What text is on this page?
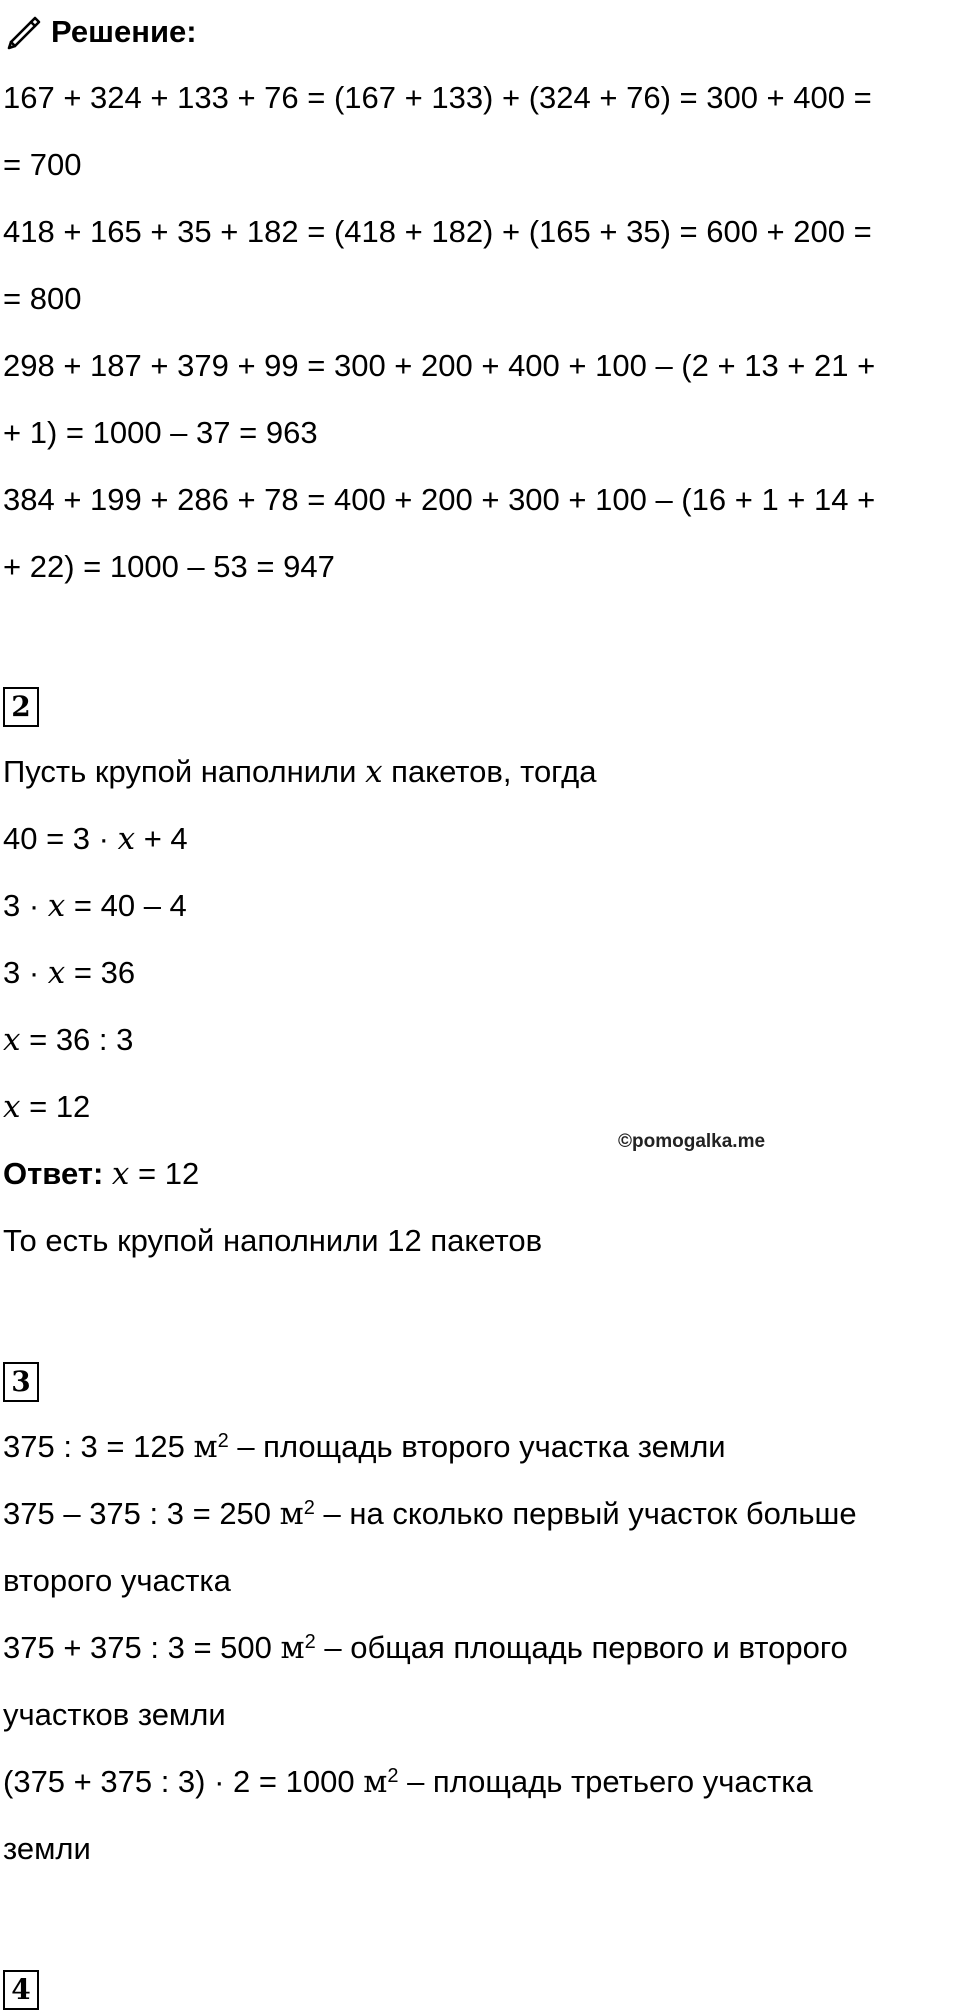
Решение:
167 + 324 + 133 + 76 = (167 + 133) + (324 + 76) = 300 + 400 =
= 700
418 + 165 + 35 + 182 = (418 + 182) + (165 + 35) = 600 + 200 =
= 800
298 + 187 + 379 + 99 = 300 + 200 + 400 + 100 – (2 + 13 + 21 +
+ 1) = 1000 – 37 = 963
384 + 199 + 286 + 78 = 400 + 200 + 300 + 100 – (16 + 1 + 14 +
+ 22) = 1000 – 53 = 947
2
Пусть крупой наполнили x пакетов, тогда
40 = 3 · x + 4
3 · x = 40 – 4
3 · x = 36
x = 36 : 3
x = 12
Ответ: x = 12
То есть крупой наполнили 12 пакетов
©pomogalka.me
3
375 : 3 = 125 $м^2$ – площадь второго участка земли
375 – 375 : 3 = 250 $м^2$ – на сколько первый участок больше
второго участка
375 + 375 : 3 = 500 $м^2$ – общая площадь первого и второго
участков земли
(375 + 375 : 3) · 2 = 1000 $м^2$ – площадь третьего участка
земли
4
